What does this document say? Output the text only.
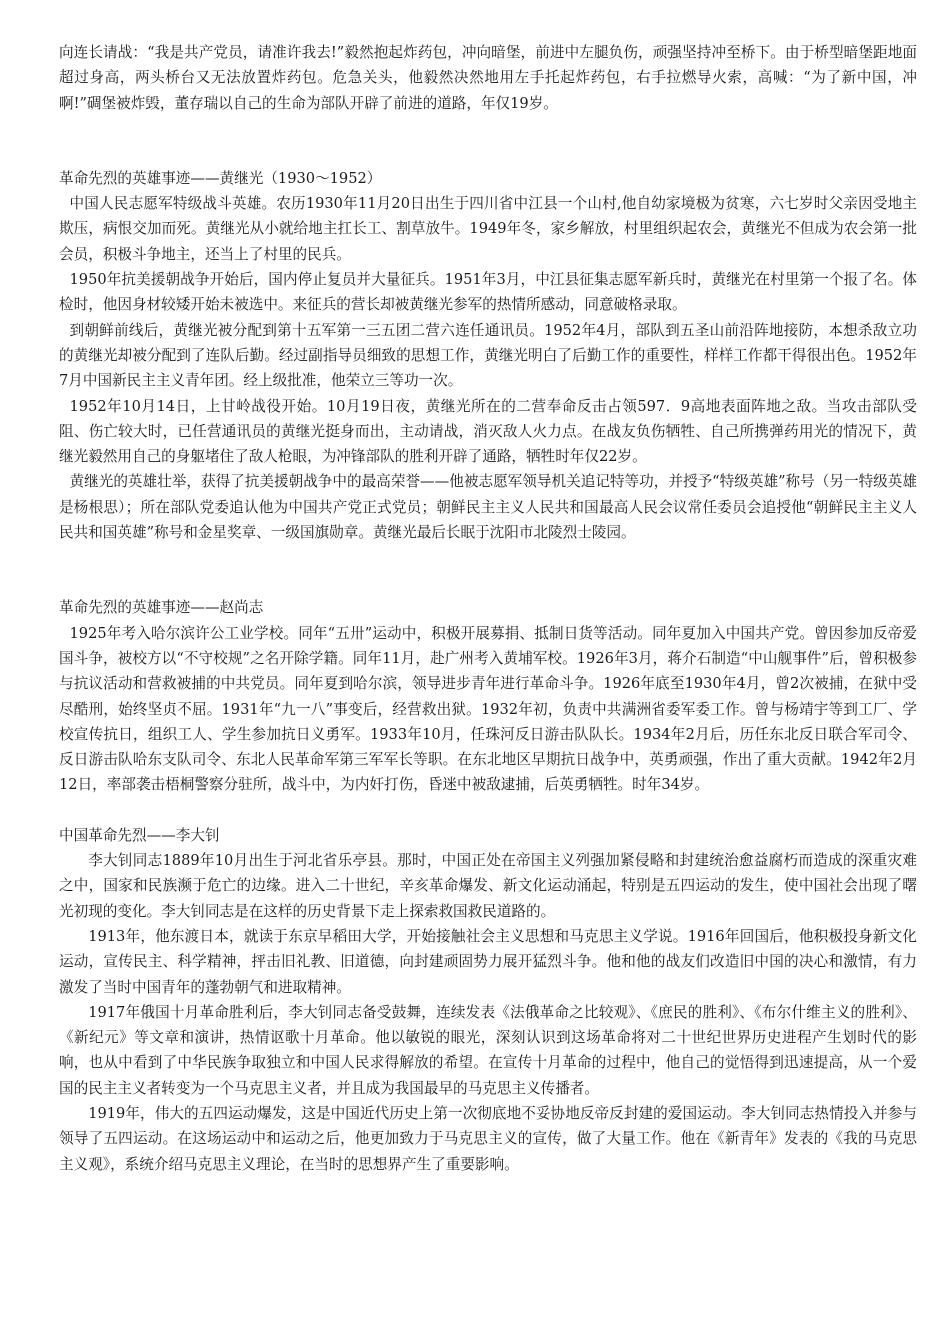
向连长请战：“我是共产党员，请准许我去!”毅然抱起炸药包，冲向暗堡，前进中左腿负伤，顽强坚持冲至桥下。由于桥型暗堡距地面超过身高，两头桥台又无法放置炸药包。危急关头，他毅然决然地用左手托起炸药包，右手拉燃导火索，高喊：“为了新中国，冲啊!”碉堡被炸毁，董存瑞以自己的生命为部队开辟了前进的道路，年仅19岁。

革命先烈的英雄事迹——黄继光（1930～1952）

中国人民志愿军特级战斗英雄。农历1930年11月20日出生于四川省中江县一个山村,他自幼家境极为贫寒，六七岁时父亲因受地主欺压，病恨交加而死。黄继光从小就给地主扛长工、割草放牛。1949年冬，家乡解放，村里组织起农会，黄继光不但成为农会第一批会员，积极斗争地主，还当上了村里的民兵。

1950年抗美援朝战争开始后，国内停止复员并大量征兵。1951年3月，中江县征集志愿军新兵时，黄继光在村里第一个报了名。体检时，他因身材较矮开始未被选中。来征兵的营长却被黄继光参军的热情所感动，同意破格录取。

到朝鲜前线后，黄继光被分配到第十五军第一三五团二营六连任通讯员。1952年4月，部队到五圣山前沿阵地接防，本想杀敌立功的黄继光却被分配到了连队后勤。经过副指导员细致的思想工作，黄继光明白了后勤工作的重要性，样样工作都干得很出色。1952年7月中国新民主主义青年团。经上级批准，他荣立三等功一次。

1952年10月14日，上甘岭战役开始。10月19日夜，黄继光所在的二营奉命反击占领597．9高地表面阵地之敌。当攻击部队受阻、伤亡较大时，已任营通讯员的黄继光挺身而出，主动请战，消灭敌人火力点。在战友负伤牺牲、自己所携弹药用光的情况下，黄继光毅然用自己的身躯堵住了敌人枪眼，为冲锋部队的胜利开辟了通路，牺牲时年仅22岁。

黄继光的英雄壮举，获得了抗美援朝战争中的最高荣誉——他被志愿军领导机关追记特等功，并授予“特级英雄”称号（另一特级英雄是杨根思）；所在部队党委追认他为中国共产党正式党员；朝鲜民主主义人民共和国最高人民会议常任委员会追授他“朝鲜民主主义人民共和国英雄”称号和金星奖章、一级国旗勋章。黄继光最后长眠于沈阳市北陵烈士陵园。

革命先烈的英雄事迹——赵尚志

1925年考入哈尔滨许公工业学校。同年“五卅”运动中，积极开展募捐、抵制日货等活动。同年夏加入中国共产党。曾因参加反帝爱国斗争，被校方以“不守校规”之名开除学籍。同年11月，赴广州考入黄埔军校。1926年3月，蒋介石制造“中山舰事件”后，曾积极参与抗议活动和营救被捕的中共党员。同年夏到哈尔滨，领导进步青年进行革命斗争。1926年底至1930年4月，曾2次被捕，在狱中受尽酷刑，始终坚贞不屈。1931年“九一八”事变后，经营救出狱。1932年初，负责中共满洲省委军委工作。曾与杨靖宇等到工厂、学校宣传抗日，组织工人、学生参加抗日义勇军。1933年10月，任珠河反日游击队队长。1934年2月后，历任东北反日联合军司令、反日游击队哈东支队司令、东北人民革命军第三军军长等职。在东北地区早期抗日战争中，英勇顽强，作出了重大贡献。1942年2月12日，率部袭击梧桐警察分驻所，战斗中，为内奸打伤，昏迷中被敌逮捕，后英勇牺牲。时年34岁。

中国革命先烈——李大钊

李大钊同志1889年10月出生于河北省乐亭县。那时，中国正处在帝国主义列强加紧侵略和封建统治愈益腐朽而造成的深重灾难之中，国家和民族濒于危亡的边缘。进入二十世纪，辛亥革命爆发、新文化运动涌起，特别是五四运动的发生，使中国社会出现了曙光初现的变化。李大钊同志是在这样的历史背景下走上探索救国救民道路的。

1913年，他东渡日本，就读于东京早稻田大学，开始接触社会主义思想和马克思主义学说。1916年回国后，他积极投身新文化运动，宣传民主、科学精神，抨击旧礼教、旧道德，向封建顽固势力展开猛烈斗争。他和他的战友们改造旧中国的决心和激情，有力激发了当时中国青年的蓬勃朝气和进取精神。

1917年俄国十月革命胜利后，李大钊同志备受鼓舞，连续发表《法俄革命之比较观》、《庶民的胜利》、《布尔什维主义的胜利》、《新纪元》等文章和演讲，热情讴歌十月革命。他以敏锐的眼光，深刻认识到这场革命将对二十世纪世界历史进程产生划时代的影响，也从中看到了中华民族争取独立和中国人民求得解放的希望。在宣传十月革命的过程中，他自己的觉悟得到迅速提高，从一个爱国的民主主义者转变为一个马克思主义者，并且成为我国最早的马克思主义传播者。

1919年，伟大的五四运动爆发，这是中国近代历史上第一次彻底地不妥协地反帝反封建的爱国运动。李大钊同志热情投入并参与领导了五四运动。在这场运动中和运动之后，他更加致力于马克思主义的宣传，做了大量工作。他在《新青年》发表的《我的马克思主义观》，系统介绍马克思主义理论，在当时的思想界产生了重要影响。
